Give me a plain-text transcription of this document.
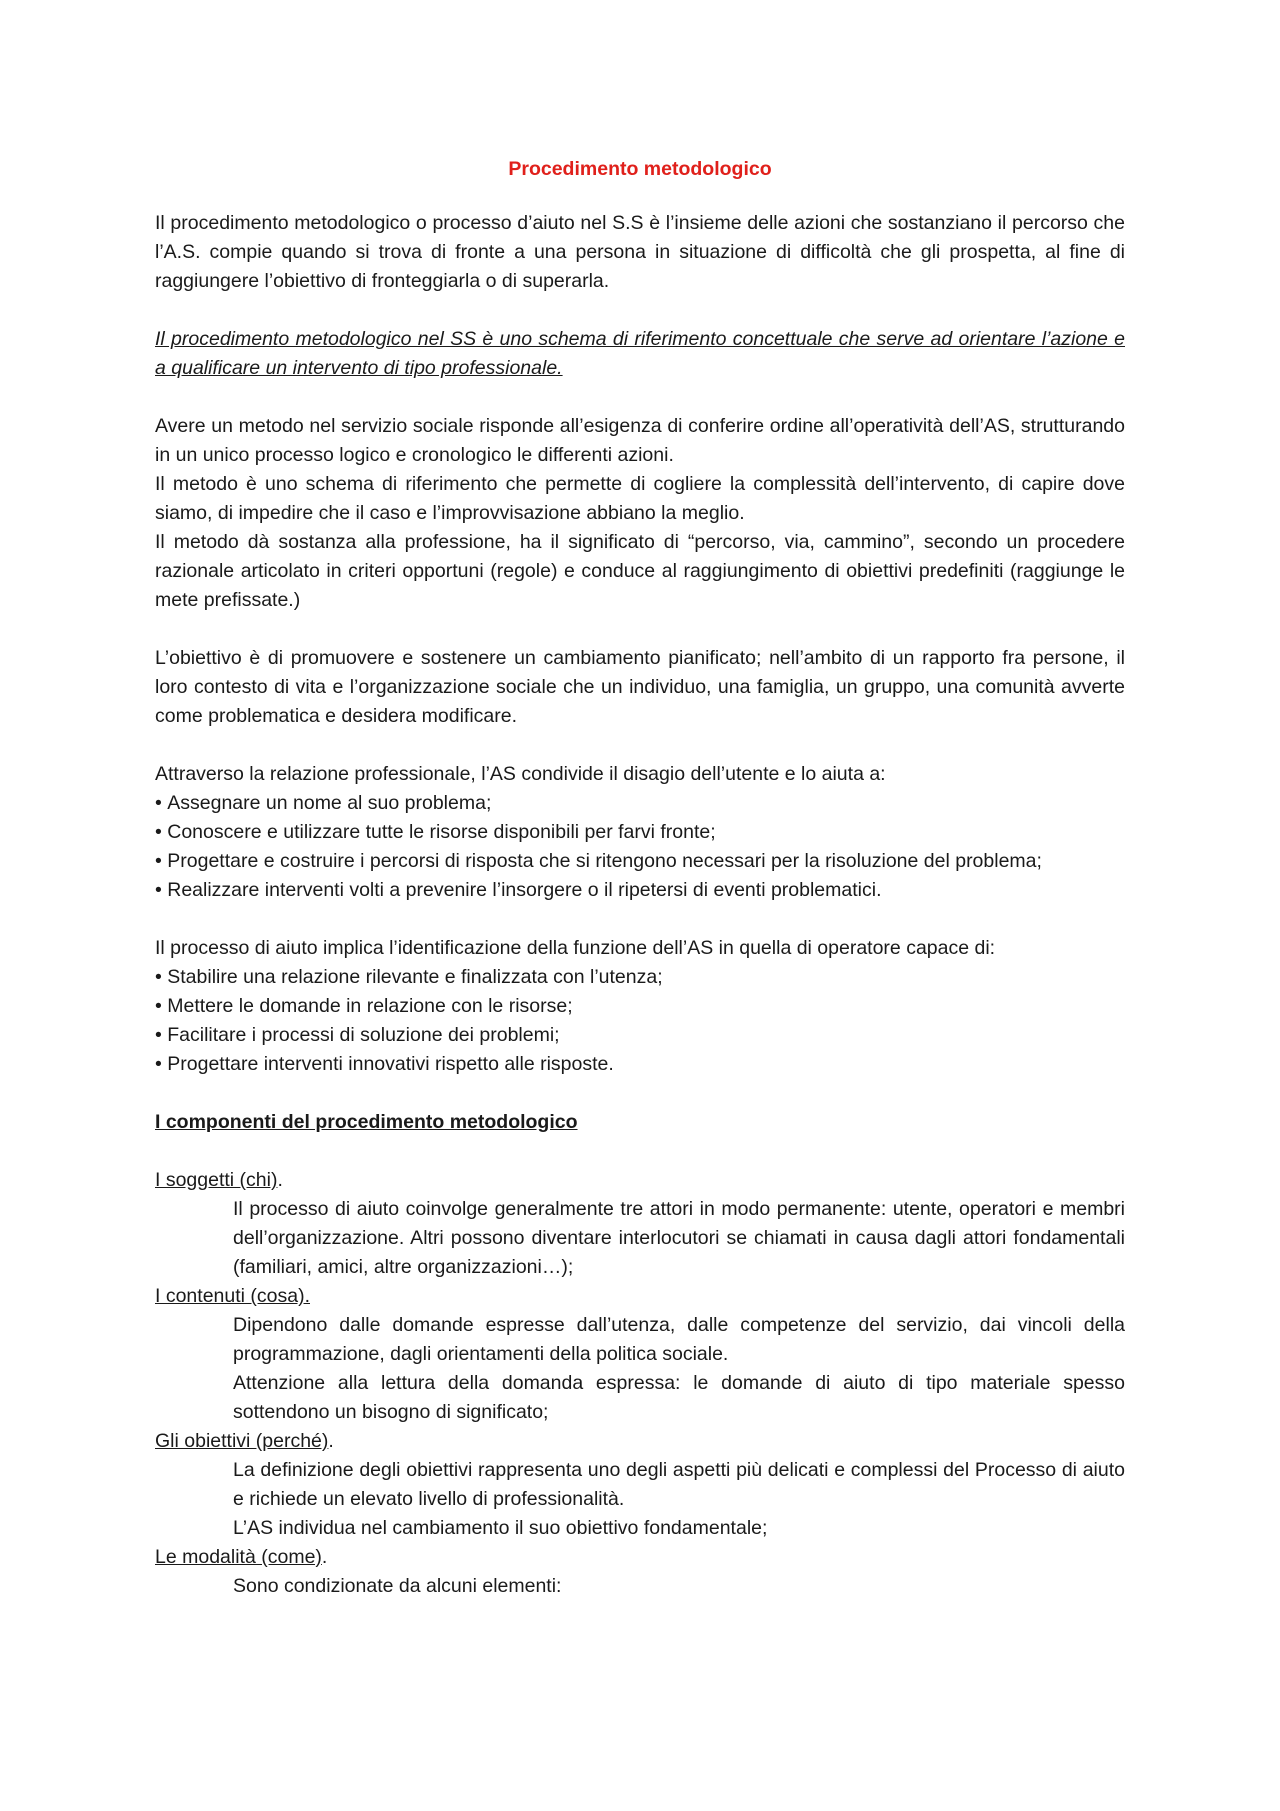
Procedimento metodologico

Il procedimento metodologico o processo d’aiuto nel S.S è l’insieme delle azioni che sostanziano il percorso che l’A.S. compie quando si trova di fronte a una persona in situazione di difficoltà che gli prospetta, al fine di raggiungere l’obiettivo di fronteggiarla o di superarla.

Il procedimento metodologico nel SS è uno schema di riferimento concettuale che serve ad orientare l’azione e a qualificare un intervento di tipo professionale.

Avere un metodo nel servizio sociale risponde all’esigenza di conferire ordine all’operatività dell’AS, strutturando in un unico processo logico e cronologico le differenti azioni.

Il metodo è uno schema di riferimento che permette di cogliere la complessità dell’intervento, di capire dove siamo, di impedire che il caso e l’improvvisazione abbiano la meglio.

Il metodo dà sostanza alla professione, ha il significato di “percorso, via, cammino”, secondo un procedere razionale articolato in criteri opportuni (regole) e conduce al raggiungimento di obiettivi predefiniti (raggiunge le mete prefissate.)

L’obiettivo è di promuovere e sostenere un cambiamento pianificato; nell’ambito di un rapporto fra persone, il loro contesto di vita e l’organizzazione sociale che un individuo, una famiglia, un gruppo, una comunità avverte come problematica e desidera modificare.

Attraverso la relazione professionale, l’AS condivide il disagio dell’utente e lo aiuta a:

• Assegnare un nome al suo problema;
• Conoscere e utilizzare tutte le risorse disponibili per farvi fronte;
• Progettare e costruire i percorsi di risposta che si ritengono necessari per la risoluzione del problema;
• Realizzare interventi volti a prevenire l’insorgere o il ripetersi di eventi problematici.

Il processo di aiuto implica l’identificazione della funzione dell’AS in quella di operatore capace di:

• Stabilire una relazione rilevante e finalizzata con l’utenza;
• Mettere le domande in relazione con le risorse;
• Facilitare i processi di soluzione dei problemi;
• Progettare interventi innovativi rispetto alle risposte.

I componenti del procedimento metodologico

I soggetti (chi).

Il processo di aiuto coinvolge generalmente tre attori in modo permanente: utente, operatori e membri dell’organizzazione. Altri possono diventare interlocutori se chiamati in causa dagli attori fondamentali (familiari, amici, altre organizzazioni…);

I contenuti (cosa).

Dipendono dalle domande espresse dall’utenza, dalle competenze del servizio, dai vincoli della programmazione, dagli orientamenti della politica sociale.

Attenzione alla lettura della domanda espressa: le domande di aiuto di tipo materiale spesso sottendono un bisogno di significato;

Gli obiettivi (perché).

La definizione degli obiettivi rappresenta uno degli aspetti più delicati e complessi del Processo di aiuto e richiede un elevato livello di professionalità.

L’AS individua nel cambiamento il suo obiettivo fondamentale;

Le modalità (come).

Sono condizionate da alcuni elementi:
